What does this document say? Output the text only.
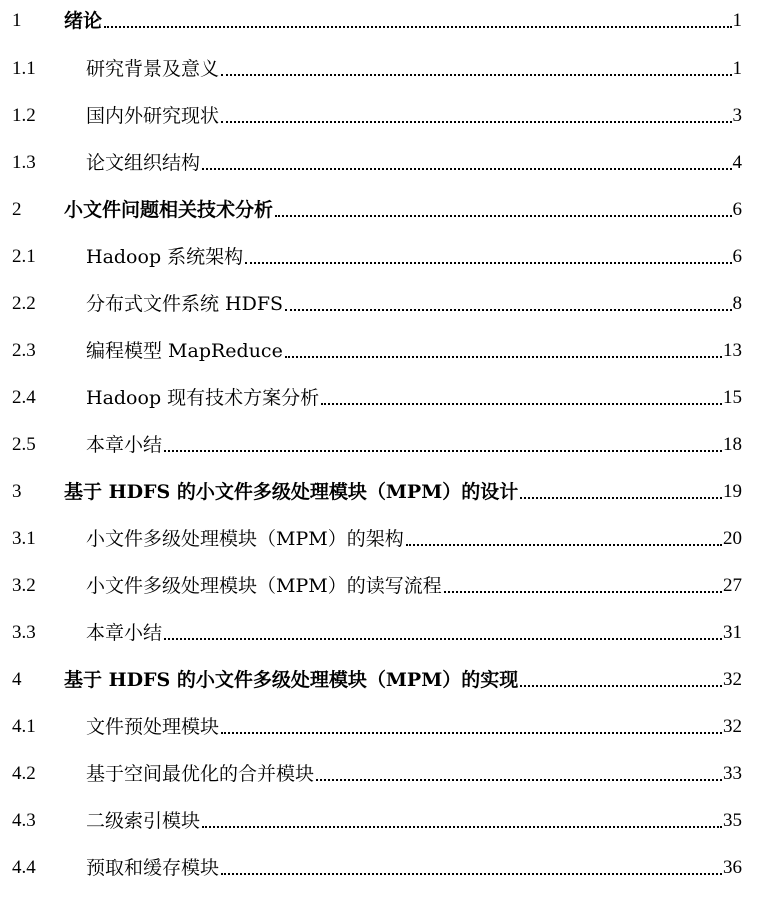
1 绪论	1
1.1	研究背景及意义	1
1.2	国内外研究现状	3
1.3	论文组织结构	4
2 小文件问题相关技术分析	6
2.1	Hadoop 系统架构	6
2.2	分布式文件系统 HDFS	8
2.3	编程模型 MapReduce	13
2.4	Hadoop 现有技术方案分析	15
2.5	本章小结	18
3 基于 HDFS 的小文件多级处理模块（MPM）的设计	19
3.1	小文件多级处理模块（MPM）的架构	20
3.2	小文件多级处理模块（MPM）的读写流程	27
3.3	本章小结	31
4 基于 HDFS 的小文件多级处理模块（MPM）的实现	32
4.1	文件预处理模块	32
4.2	基于空间最优化的合并模块	33
4.3	二级索引模块	35
4.4	预取和缓存模块	36
